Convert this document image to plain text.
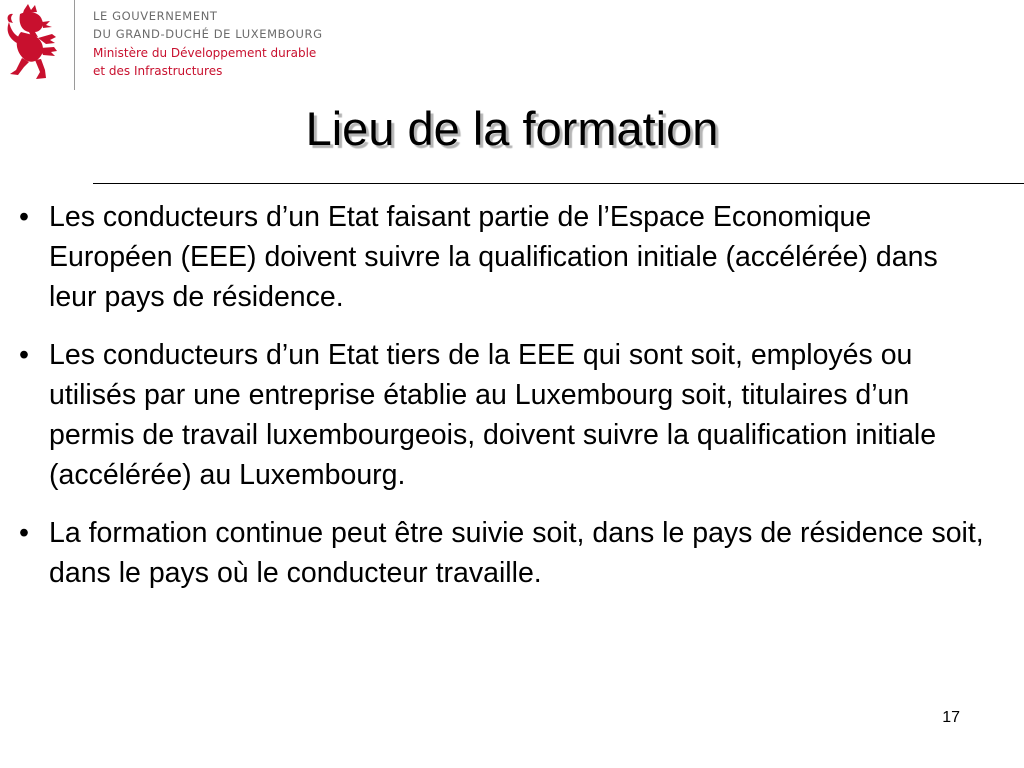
LE GOUVERNEMENT
DU GRAND-DUCHÉ DE LUXEMBOURG
Ministère du Développement durable
et des Infrastructures
Lieu de la formation
• Les conducteurs d’un Etat faisant partie de l’Espace Economique Européen (EEE) doivent suivre la qualification initiale (accélérée) dans leur pays de résidence.
• Les conducteurs d’un Etat tiers de la EEE qui sont soit, employés ou utilisés par une entreprise établie au Luxembourg soit, titulaires d’un permis de travail luxembourgeois, doivent suivre la qualification initiale (accélérée) au Luxembourg.
• La formation continue peut être suivie soit, dans le pays de résidence soit, dans le pays où le conducteur travaille.
17
